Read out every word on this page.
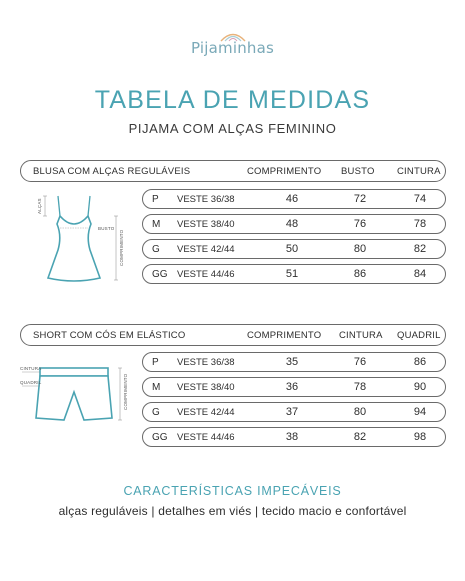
Pijaminhas
TABELA DE MEDIDAS
PIJAMA COM ALÇAS FEMININO
BLUSA COM ALÇAS REGULÁVEIS	COMPRIMENTO BUSTO CINTURA
ALÇAS
BUSTO
COMPRIMENTO
P VESTE 36/38	46	72	74
M VESTE 38/40	48	76	78
G VESTE 42/44	50	80	82
GG VESTE 44/46	51	86	84
SHORT COM CÓS EM ELÁSTICO	COMPRIMENTO CINTURA QUADRIL
CINTURA
QUADRIL	COMPRIMENTO
P VESTE 36/38	35	76	86
M VESTE 38/40	36	78	90
G VESTE 42/44	37	80	94
GG VESTE 44/46	38	82	98
CARACTERÍSTICAS IMPECÁVEIS
alças reguláveis | detalhes em viés | tecido macio e confortável
